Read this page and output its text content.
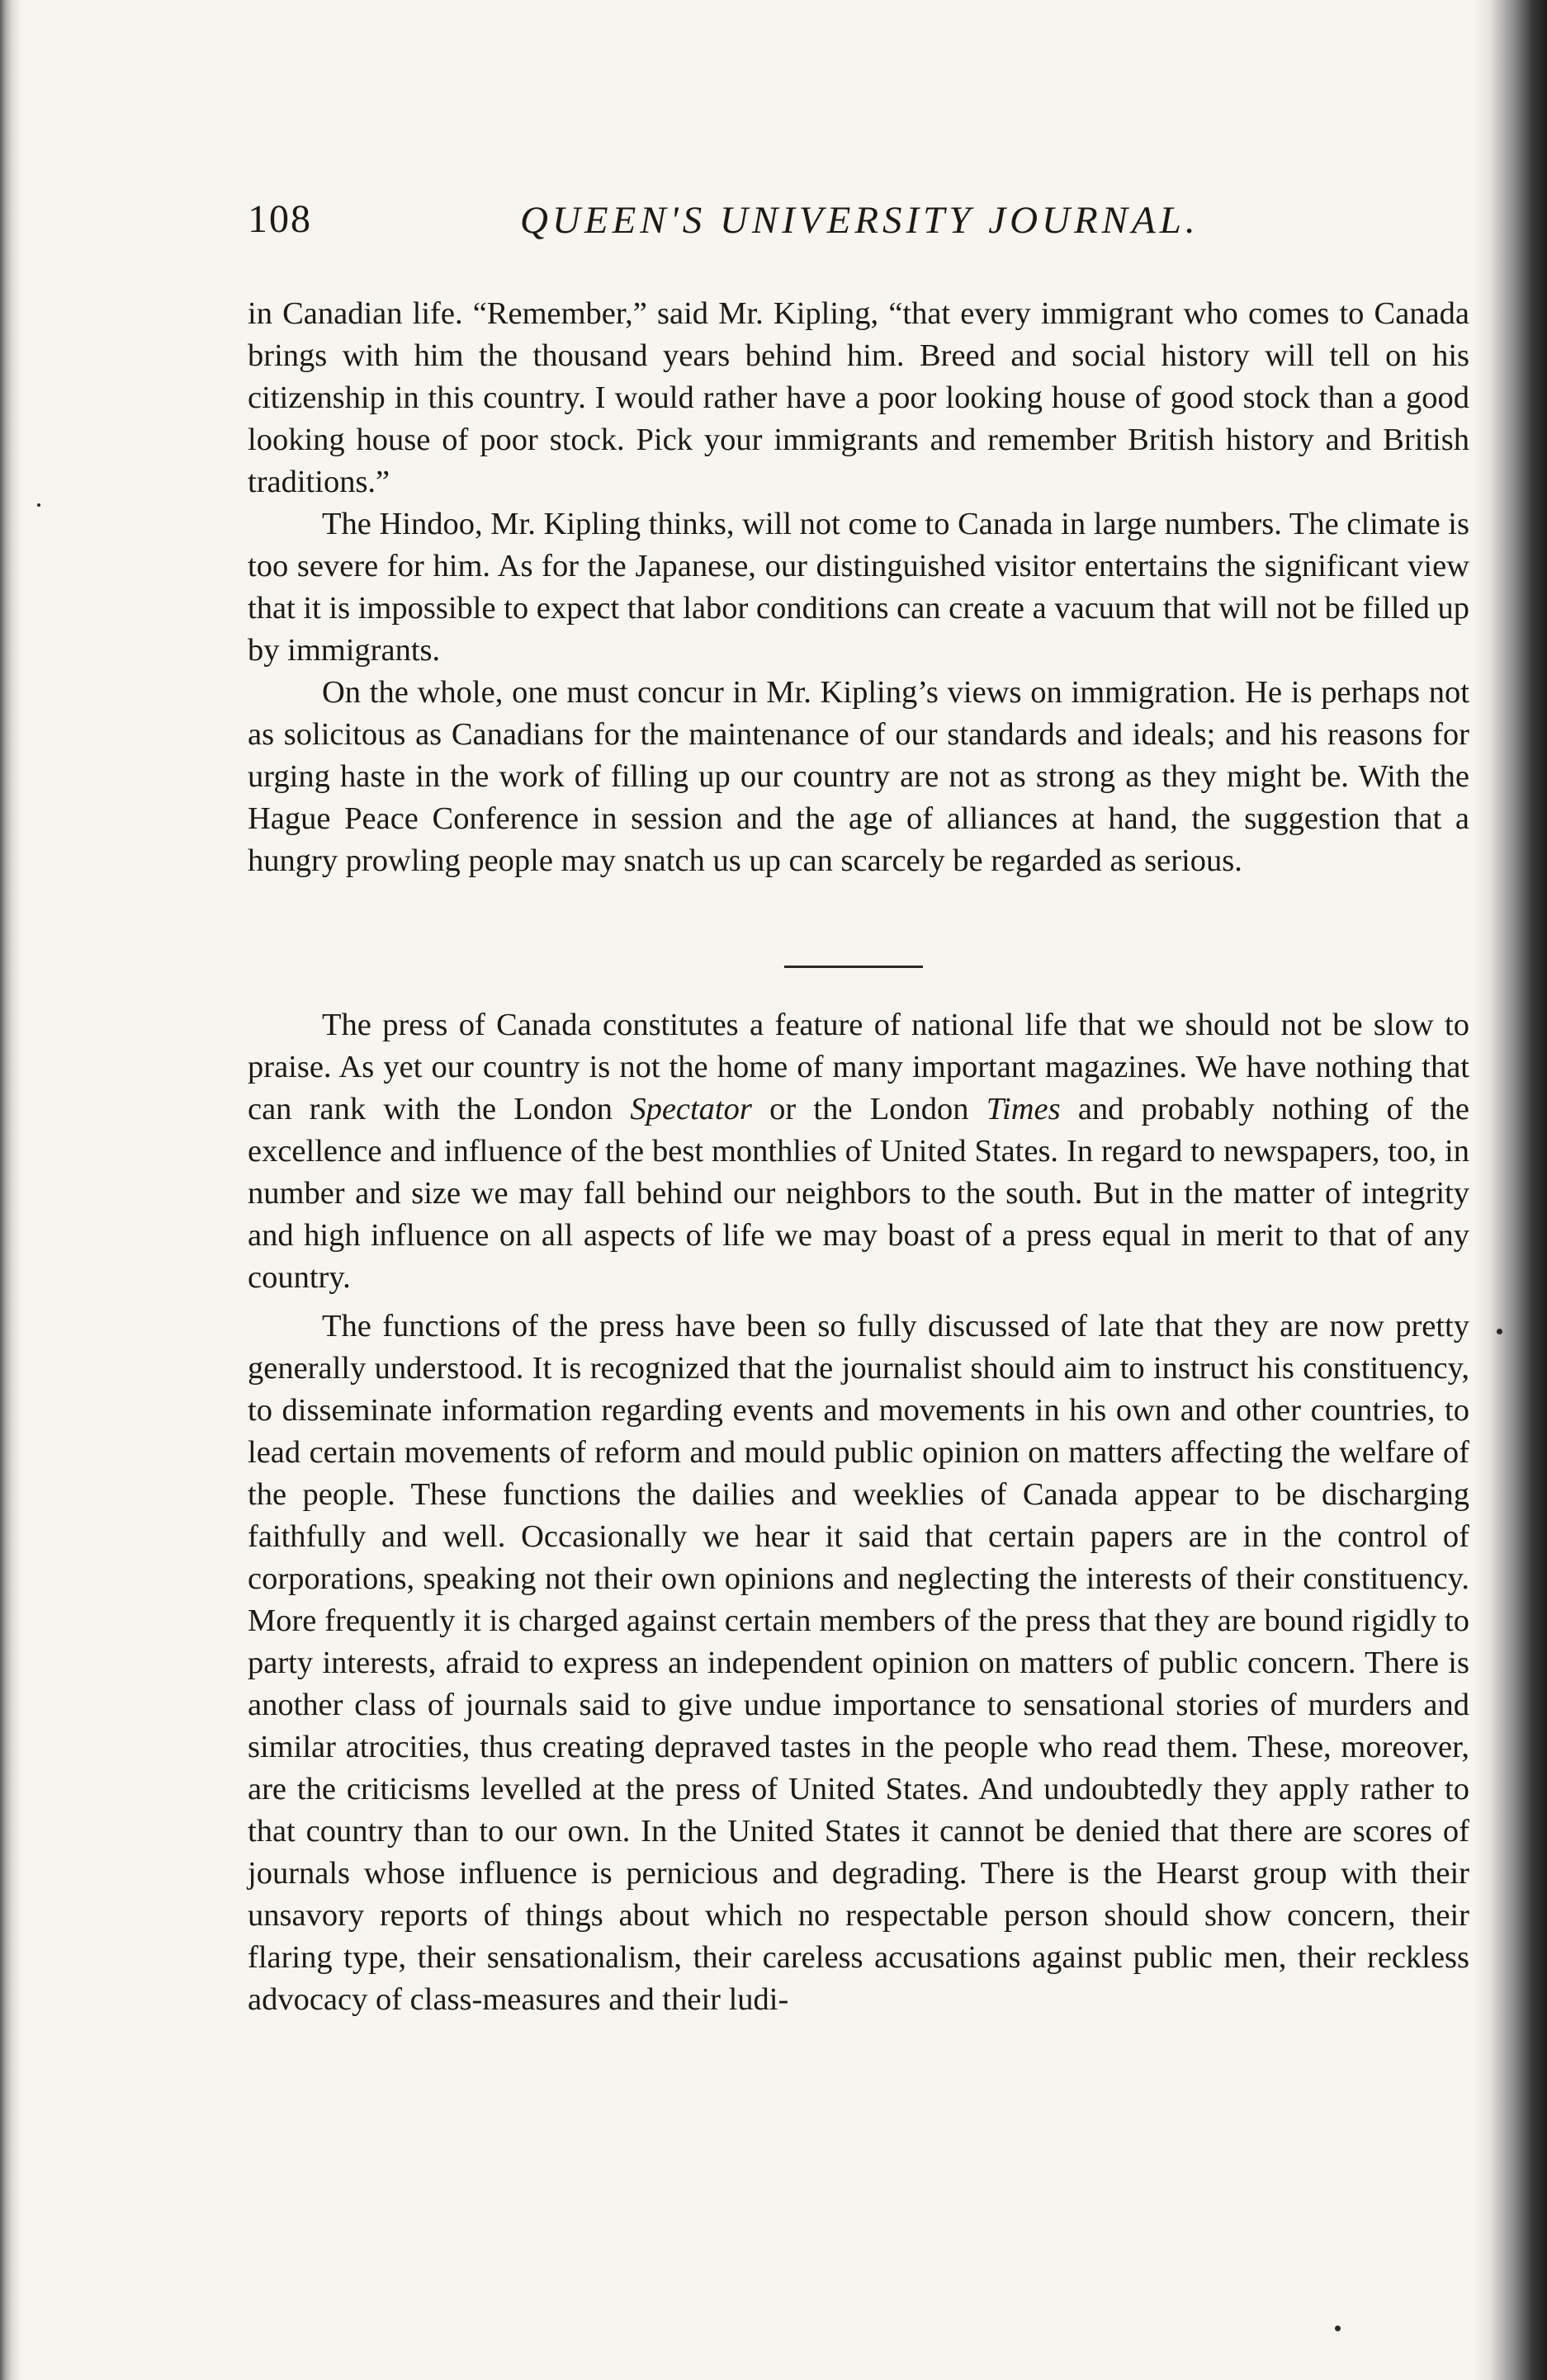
108	QUEEN'S UNIVERSITY JOURNAL.

in Canadian life. “Remember,” said Mr. Kipling, “that every immigrant who comes to Canada brings with him the thousand years behind him. Breed and social history will tell on his citizenship in this country. I would rather have a poor looking house of good stock than a good looking house of poor stock. Pick your immigrants and remember British history and British traditions.”

The Hindoo, Mr. Kipling thinks, will not come to Canada in large numbers. The climate is too severe for him. As for the Japanese, our distinguished visitor entertains the significant view that it is impossible to expect that labor conditions can create a vacuum that will not be filled up by immigrants.

On the whole, one must concur in Mr. Kipling’s views on immigration. He is perhaps not as solicitous as Canadians for the maintenance of our standards and ideals; and his reasons for urging haste in the work of filling up our country are not as strong as they might be. With the Hague Peace Conference in session and the age of alliances at hand, the suggestion that a hungry prowling people may snatch us up can scarcely be regarded as serious.

The press of Canada constitutes a feature of national life that we should not be slow to praise. As yet our country is not the home of many important magazines. We have nothing that can rank with the London Spectator or the London Times and probably nothing of the excellence and influence of the best monthlies of United States. In regard to newspapers, too, in number and size we may fall behind our neighbors to the south. But in the matter of integrity and high influence on all aspects of life we may boast of a press equal in merit to that of any country.

The functions of the press have been so fully discussed of late that they are now pretty generally understood. It is recognized that the journalist should aim to instruct his constituency, to disseminate information regarding events and movements in his own and other countries, to lead certain movements of reform and mould public opinion on matters affecting the welfare of the people. These functions the dailies and weeklies of Canada appear to be discharging faithfully and well. Occasionally we hear it said that certain papers are in the control of corporations, speaking not their own opinions and neglecting the interests of their constituency. More frequently it is charged against certain members of the press that they are bound rigidly to party interests, afraid to express an independent opinion on matters of public concern. There is another class of journals said to give undue importance to sensational stories of murders and similar atrocities, thus creating depraved tastes in the people who read them. These, moreover, are the criticisms levelled at the press of United States. And undoubtedly they apply rather to that country than to our own. In the United States it cannot be denied that there are scores of journals whose influence is pernicious and degrading. There is the Hearst group with their unsavory reports of things about which no respectable person should show concern, their flaring type, their sensationalism, their careless accusations against public men, their reckless advocacy of class-measures and their ludi-
